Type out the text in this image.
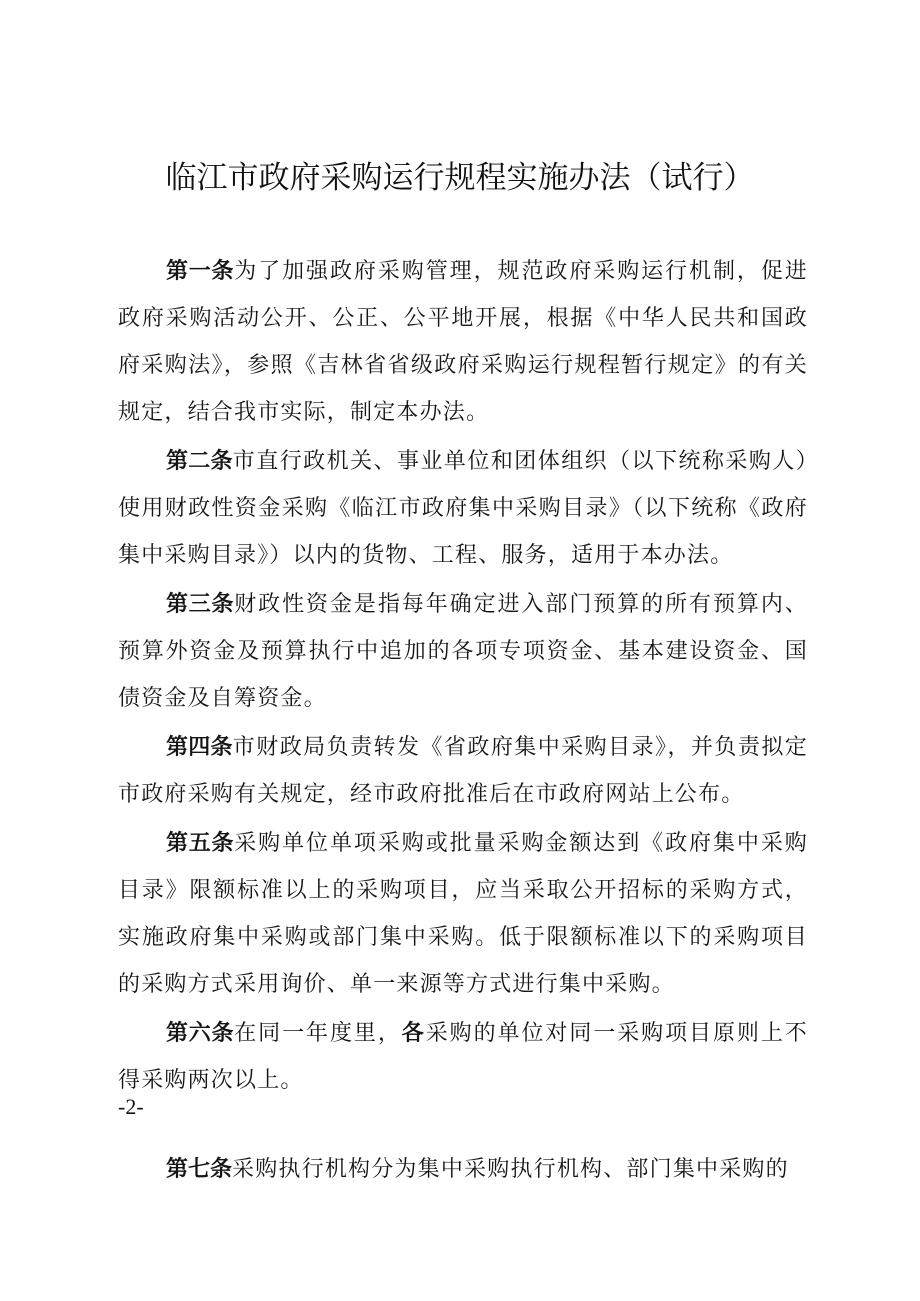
临江市政府采购运行规程实施办法（试行）

第一条为了加强政府采购管理，规范政府采购运行机制，促进政府采购活动公开、公正、公平地开展，根据《中华人民共和国政府采购法》，参照《吉林省省级政府采购运行规程暂行规定》的有关规定，结合我市实际，制定本办法。

第二条市直行政机关、事业单位和团体组织（以下统称采购人）使用财政性资金采购《临江市政府集中采购目录》（以下统称《政府集中采购目录》）以内的货物、工程、服务，适用于本办法。

第三条财政性资金是指每年确定进入部门预算的所有预算内、预算外资金及预算执行中追加的各项专项资金、基本建设资金、国债资金及自筹资金。

第四条市财政局负责转发《省政府集中采购目录》，并负责拟定市政府采购有关规定，经市政府批准后在市政府网站上公布。

第五条采购单位单项采购或批量采购金额达到《政府集中采购目录》限额标准以上的采购项目，应当采取公开招标的采购方式，实施政府集中采购或部门集中采购。低于限额标准以下的采购项目的采购方式采用询价、单一来源等方式进行集中采购。

第六条在同一年度里，各采购的单位对同一采购项目原则上不得采购两次以上。

-2-

第七条采购执行机构分为集中采购执行机构、部门集中采购的
